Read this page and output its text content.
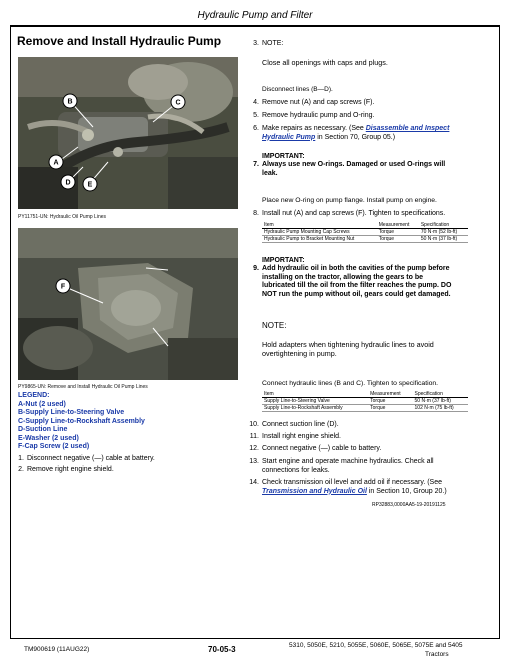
Hydraulic Pump and Filter
Remove and Install Hydraulic Pump
B	C
A
D E
PY11751-UN: Hydraulic Oil Pump Lines
F
PY9865-UN: Remove and Install Hydraulic Oil Pump Lines
LEGEND:
A-Nut (2 used)
B-Supply Line-to-Steering Valve
C-Supply Line-to-Rockshaft Assembly
D-Suction Line
E-Washer (2 used)
F-Cap Screw (2 used)
1. Disconnect negative (—) cable at battery.
2. Remove right engine shield.
3. NOTE:
Close all openings with caps and plugs.
Disconnect lines (B—D).
4. Remove nut (A) and cap screws (F).
5. Remove hydraulic pump and O-ring.
6. Make repairs as necessary. (See Disassemble and Inspect
Hydraulic Pump in Section 70, Group 05.)
IMPORTANT:
7. Always use new O-rings. Damaged or used O-rings will
leak.
Place new O-ring on pump flange. Install pump on engine.
8. Install nut (A) and cap screws (F). Tighten to specifications.
Item	Measurement	Specification
Hydraulic Pump Mounting Cap Screws	Torque	70 N·m (52 lb-ft)
Hydraulic Pump to Bracket Mounting Nut	Torque	50 N·m (37 lb-ft)
IMPORTANT:
9. Add hydraulic oil in both the cavities of the pump before
installing on the tractor, allowing the gears to be
lubricated till the oil from the filter reaches the pump. DO
NOT run the pump without oil, gears could get damaged.
NOTE:
Hold adapters when tightening hydraulic lines to avoid
overtightening in pump.
Connect hydraulic lines (B and C). Tighten to specification.
Item	Measurement	Specification
Supply Line-to-Steering Valve	Torque	50 N·m (37 lb-ft)
Supply Line-to-Rockshaft Assembly	Torque	102 N·m (75 lb-ft)
10. Connect suction line (D).
11. Install right engine shield.
12. Connect negative (—) cable to battery.
13. Start engine and operate machine hydraulics. Check all
connections for leaks.
14. Check transmission oil level and add oil if necessary. (See
Transmission and Hydraulic Oil in Section 10, Group 20.)
RP32883,0000AA5-19-20191125
TM900619 (11AUG22)	70-05-3	5310, 5050E, 5210, 5055E, 5060E, 5065E, 5075E and 5405
Tractors
